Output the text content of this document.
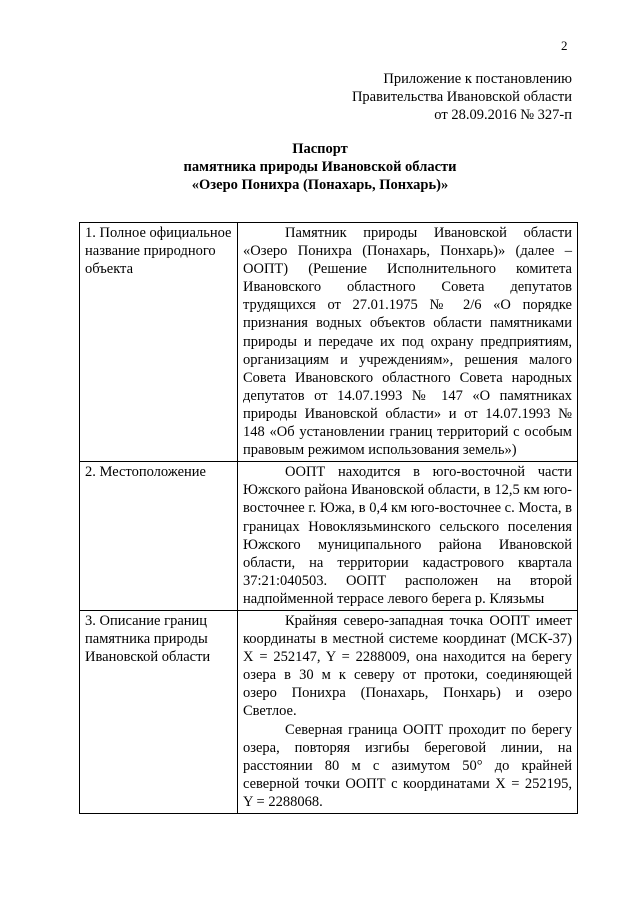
2
Приложение к постановлению
Правительства Ивановской области
от 28.09.2016 № 327-п
Паспорт
памятника природы Ивановской области
«Озеро Понихра (Понахарь, Понхарь)»
1. Полное официальное название природного объекта	Памятник природы Ивановской области «Озеро Понихра (Понахарь, Понхарь)» (далее – ООПТ) (Решение Исполнительного комитета Ивановского областного Совета депутатов трудящихся от 27.01.1975 № 2/6 «О порядке признания водных объектов области памятниками природы и передаче их под охрану предприятиям, организациям и учреждениям», решения малого Совета Ивановского областного Совета народных депутатов от 14.07.1993 № 147 «О памятниках природы Ивановской области» и от 14.07.1993 № 148 «Об установлении границ территорий с особым правовым режимом использования земель»)

2. Местоположение	ООПТ находится в юго-восточной части Южского района Ивановской области, в 12,5 км юго-восточнее г. Южа, в 0,4 км юго-восточнее с. Моста, в границах Новоклязьминского сельского поселения Южского муниципального района Ивановской области, на территории кадастрового квартала 37:21:040503. ООПТ расположен на второй надпойменной террасе левого берега р. Клязьмы

3. Описание границ памятника природы Ивановской области	Крайняя северо-западная точка ООПТ имеет координаты в местной системе координат (МСК-37) X = 252147, Y = 2288009, она находится на берегу озера в 30 м к северу от протоки, соединяющей озеро Понихра (Понахарь, Понхарь) и озеро Светлое.

Северная граница ООПТ проходит по берегу озера, повторяя изгибы береговой линии, на расстоянии 80 м с азимутом 50° до крайней северной точки ООПТ с координатами X = 252195, Y = 2288068.
